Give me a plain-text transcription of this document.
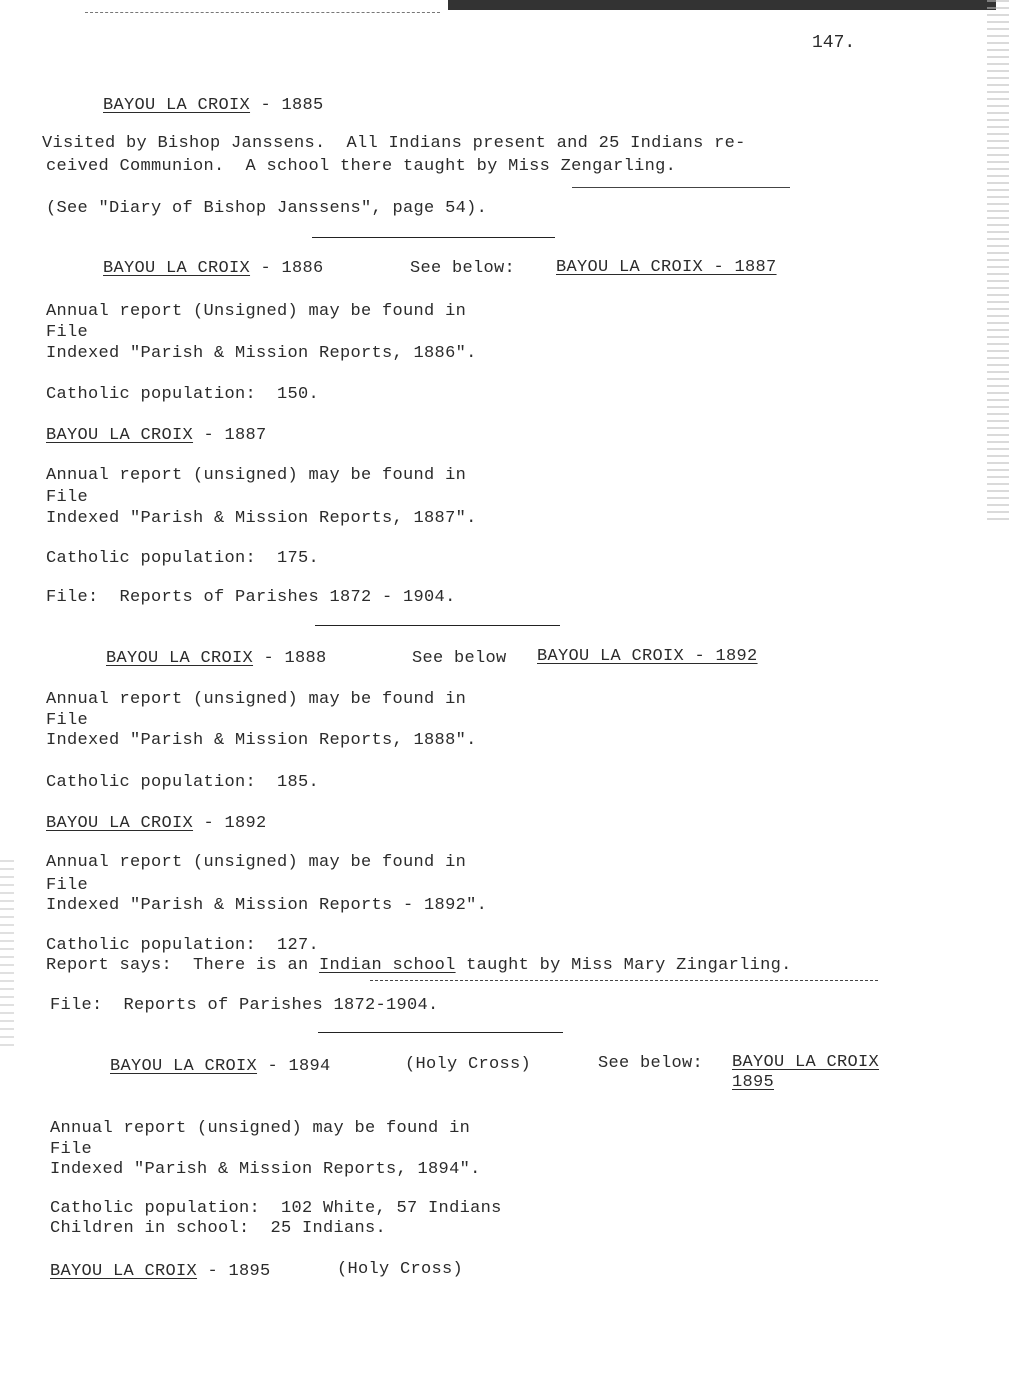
147.
BAYOU LA CROIX - 1885
Visited by Bishop Janssens.  All Indians present and 25 Indians re-
ceived Communion.  A school there taught by Miss Zengarling.
(See "Diary of Bishop Janssens", page 54).
BAYOU LA CROIX - 1886	See below: BAYOU LA CROIX - 1887
Annual report (Unsigned) may be found in
File
Indexed "Parish & Mission Reports, 1886".
Catholic population:  150.
BAYOU LA CROIX - 1887
Annual report (unsigned) may be found in
File
Indexed "Parish & Mission Reports, 1887".
Catholic population:  175.
File:  Reports of Parishes 1872 - 1904.
BAYOU LA CROIX - 1888	See below BAYOU LA CROIX - 1892
Annual report (unsigned) may be found in
File
Indexed "Parish & Mission Reports, 1888".
Catholic population:  185.
BAYOU LA CROIX - 1892
Annual report (unsigned) may be found in
File
Indexed "Parish & Mission Reports - 1892".
Catholic population:  127.
Report says:  There is an Indian school taught by Miss Mary Zingarling.
File:  Reports of Parishes 1872-1904.
BAYOU LA CROIX - 1894	(Holy Cross)	See below: BAYOU LA CROIX
1895
Annual report (unsigned) may be found in
File
Indexed "Parish & Mission Reports, 1894".
Catholic population:  102 White, 57 Indians
Children in school:  25 Indians.
BAYOU LA CROIX - 1895	(Holy Cross)
